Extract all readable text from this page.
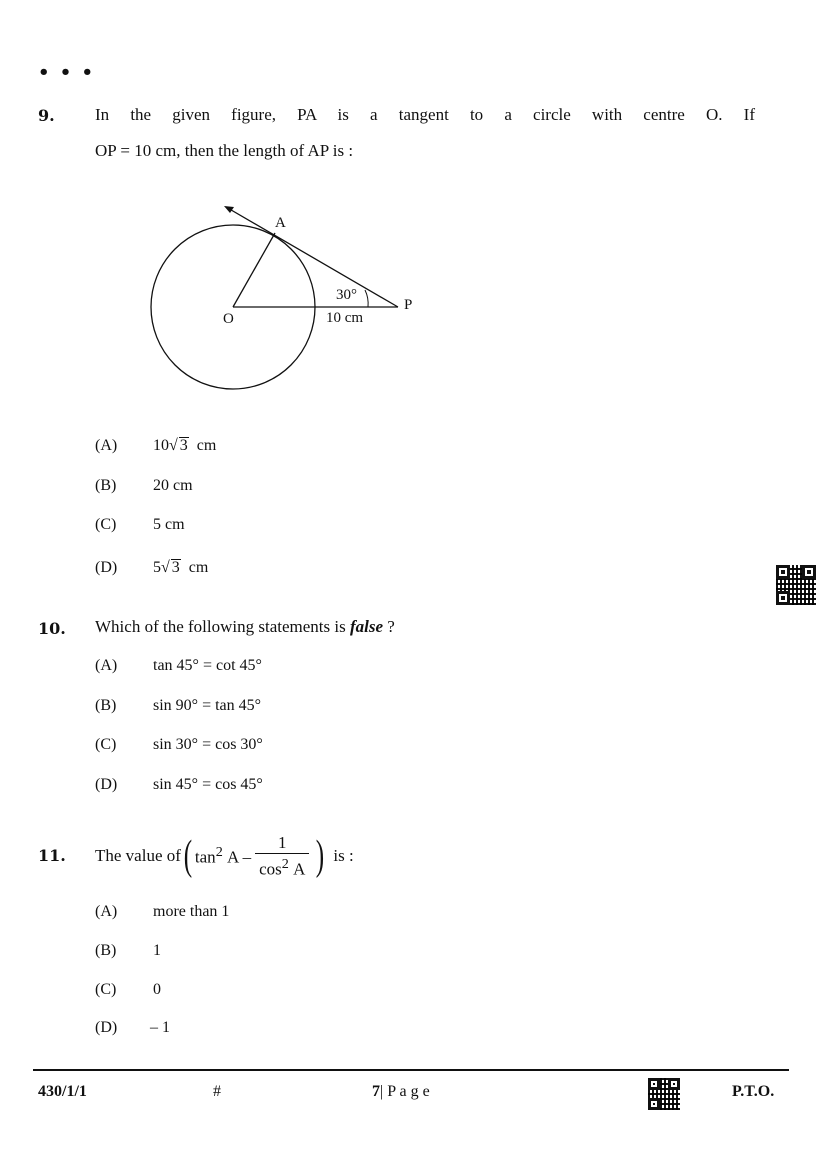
• • •
9. In the given figure, PA is a tangent to a circle with centre O. If
OP = 10 cm, then the length of AP is :
A
O
P
30°
10 cm
(A) 10√ 3 cm
(B) 20 cm
(C) 5 cm
(D) 5√ 3 cm
10. Which of the following statements is false ?
(A) tan 45° = cot 45°
(B) sin 90° = tan 45°
(C) sin 30° = cos 30°
(D) sin 45° = cos 45°
11. The value of ( $\tan^2 A - \frac{1}{\cos^2 A}$ ) is :
(A) more than 1
(B) 1
(C) 0
(D) – 1
430/1/1	#	7| P a g e	P.T.O.
